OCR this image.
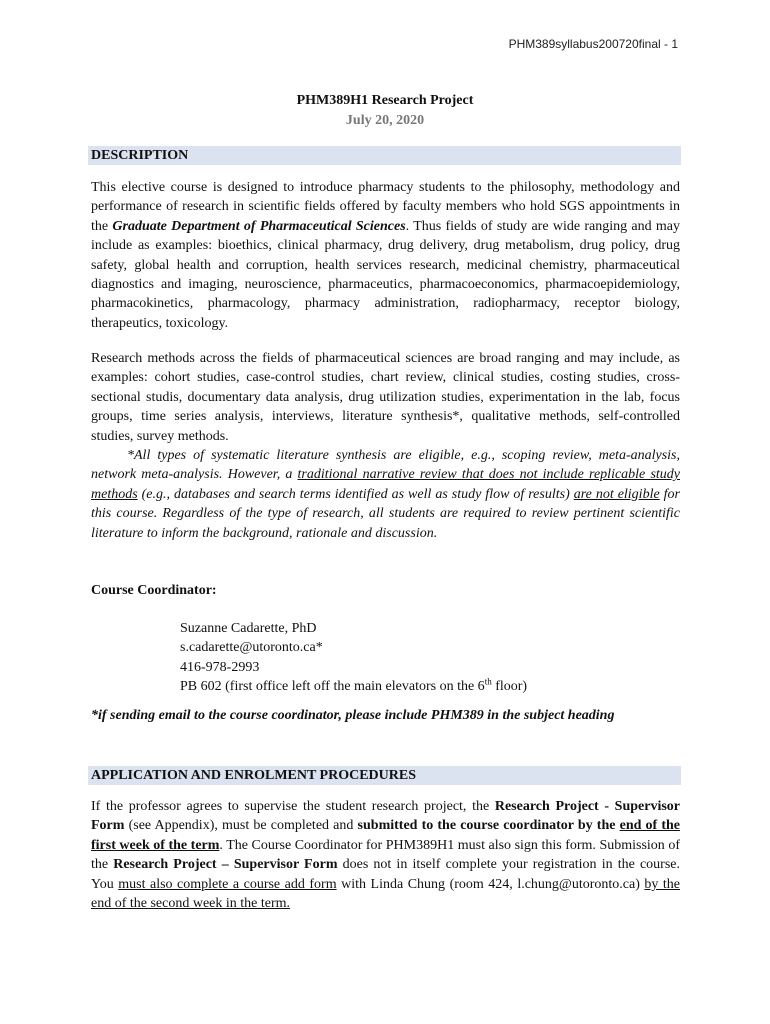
PHM389syllabus200720final - 1
PHM389H1 Research Project
July 20, 2020
DESCRIPTION

This elective course is designed to introduce pharmacy students to the philosophy, methodology and performance of research in scientific fields offered by faculty members who hold SGS appointments in the Graduate Department of Pharmaceutical Sciences. Thus fields of study are wide ranging and may include as examples: bioethics, clinical pharmacy, drug delivery, drug metabolism, drug policy, drug safety, global health and corruption, health services research, medicinal chemistry, pharmaceutical diagnostics and imaging, neuroscience, pharmaceutics, pharmacoeconomics, pharmacoepidemiology, pharmacokinetics, pharmacology, pharmacy administration, radiopharmacy, receptor biology, therapeutics, toxicology.

Research methods across the fields of pharmaceutical sciences are broad ranging and may include, as examples: cohort studies, case-control studies, chart review, clinical studies, costing studies, cross-sectional studis, documentary data analysis, drug utilization studies, experimentation in the lab, focus groups, time series analysis, interviews, literature synthesis*, qualitative methods, self-controlled studies, survey methods.

*All types of systematic literature synthesis are eligible, e.g., scoping review, meta-analysis, network meta-analysis. However, a traditional narrative review that does not include replicable study methods (e.g., databases and search terms identified as well as study flow of results) are not eligible for this course. Regardless of the type of research, all students are required to review pertinent scientific literature to inform the background, rationale and discussion.

Course Coordinator:
Suzanne Cadarette, PhD
s.cadarette@utoronto.ca*
416-978-2993
PB 602 (first office left off the main elevators on the 6th floor)
*if sending email to the course coordinator, please include PHM389 in the subject heading
APPLICATION AND ENROLMENT PROCEDURES

If the professor agrees to supervise the student research project, the Research Project - Supervisor Form (see Appendix), must be completed and submitted to the course coordinator by the end of the first week of the term. The Course Coordinator for PHM389H1 must also sign this form. Submission of the Research Project – Supervisor Form does not in itself complete your registration in the course. You must also complete a course add form with Linda Chung (room 424, l.chung@utoronto.ca) by the end of the second week in the term.
